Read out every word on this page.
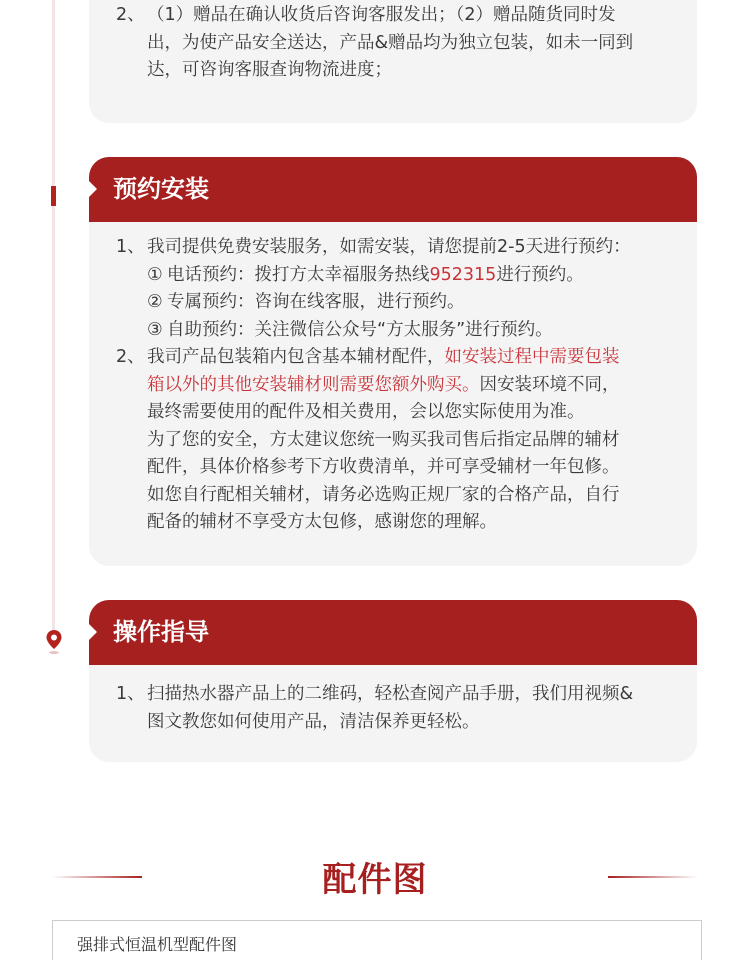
2、 （1）赠品在确认收货后咨询客服发出；（2）赠品随货同时发
出，为使产品安全送达，产品&赠品均为独立包装，如未一同到
达，可咨询客服查询物流进度；
预约安装
1、 我司提供免费安装服务，如需安装，请您提前2-5天进行预约：
① 电话预约：拨打方太幸福服务热线952315进行预约。
② 专属预约：咨询在线客服，进行预约。
③ 自助预约：关注微信公众号“方太服务”进行预约。
2、 我司产品包装箱内包含基本辅材配件，如安装过程中需要包装
箱以外的其他安装辅材则需要您额外购买。因安装环境不同，
最终需要使用的配件及相关费用，会以您实际使用为准。
为了您的安全，方太建议您统一购买我司售后指定品牌的辅材
配件，具体价格参考下方收费清单，并可享受辅材一年包修。
如您自行配相关辅材，请务必选购正规厂家的合格产品，自行
配备的辅材不享受方太包修，感谢您的理解。
操作指导
1、 扫描热水器产品上的二维码，轻松查阅产品手册，我们用视频&
图文教您如何使用产品，清洁保养更轻松。
配件图
强排式恒温机型配件图
